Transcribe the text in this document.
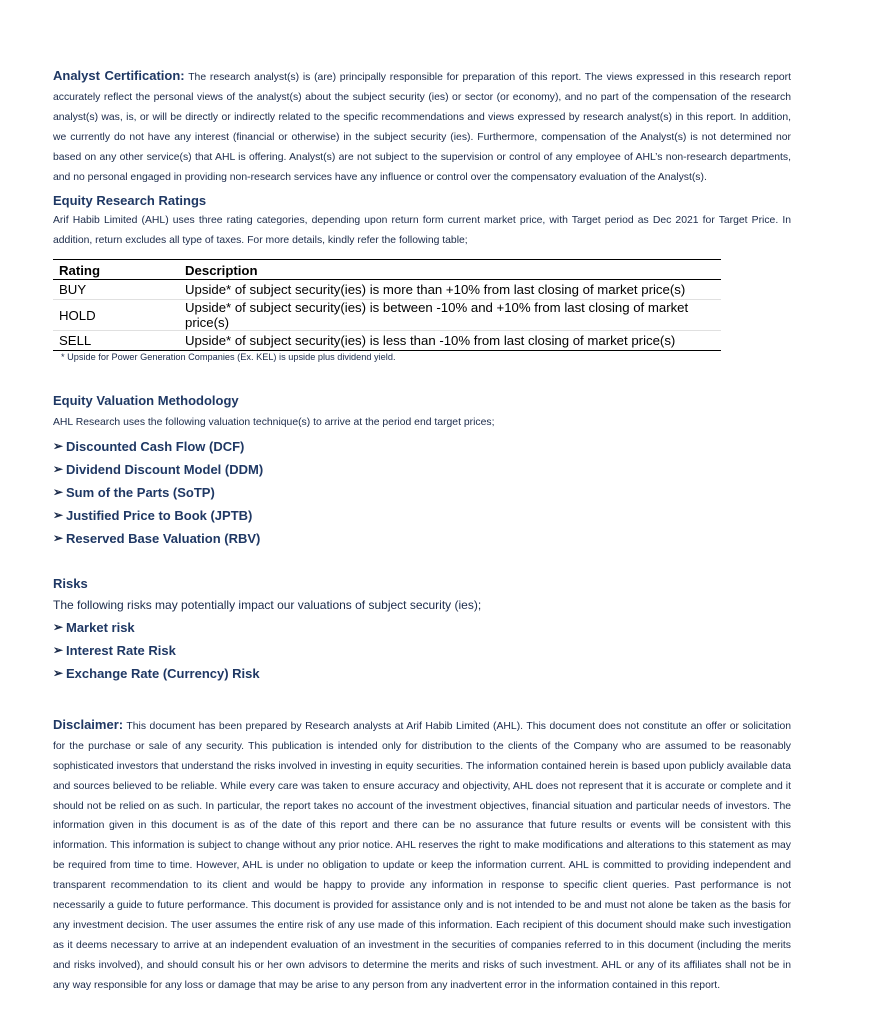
Analyst Certification: The research analyst(s) is (are) principally responsible for preparation of this report. The views expressed in this research report accurately reflect the personal views of the analyst(s) about the subject security (ies) or sector (or economy), and no part of the compensation of the research analyst(s) was, is, or will be directly or indirectly related to the specific recommendations and views expressed by research analyst(s) in this report. In addition, we currently do not have any interest (financial or otherwise) in the subject security (ies). Furthermore, compensation of the Analyst(s) is not determined nor based on any other service(s) that AHL is offering. Analyst(s) are not subject to the supervision or control of any employee of AHL’s non-research departments, and no personal engaged in providing non-research services have any influence or control over the compensatory evaluation of the Analyst(s).

Equity Research Ratings

Arif Habib Limited (AHL) uses three rating categories, depending upon return form current market price, with Target period as Dec 2021 for Target Price. In addition, return excludes all type of taxes. For more details, kindly refer the following table;

Rating	Description
BUY	Upside* of subject security(ies) is more than +10% from last closing of market price(s)
HOLD	Upside* of subject security(ies) is between -10% and +10% from last closing of market price(s)
SELL	Upside* of subject security(ies) is less than -10% from last closing of market price(s)

* Upside for Power Generation Companies (Ex. KEL) is upside plus dividend yield.

Equity Valuation Methodology

AHL Research uses the following valuation technique(s) to arrive at the period end target prices;

➢ Discounted Cash Flow (DCF)
➢ Dividend Discount Model (DDM)
➢ Sum of the Parts (SoTP)
➢ Justified Price to Book (JPTB)
➢ Reserved Base Valuation (RBV)
Risks

The following risks may potentially impact our valuations of subject security (ies);

➢ Market risk
➢ Interest Rate Risk
➢ Exchange Rate (Currency) Risk

Disclaimer: This document has been prepared by Research analysts at Arif Habib Limited (AHL). This document does not constitute an offer or solicitation for the purchase or sale of any security. This publication is intended only for distribution to the clients of the Company who are assumed to be reasonably sophisticated investors that understand the risks involved in investing in equity securities. The information contained herein is based upon publicly available data and sources believed to be reliable. While every care was taken to ensure accuracy and objectivity, AHL does not represent that it is accurate or complete and it should not be relied on as such. In particular, the report takes no account of the investment objectives, financial situation and particular needs of investors. The information given in this document is as of the date of this report and there can be no assurance that future results or events will be consistent with this information. This information is subject to change without any prior notice. AHL reserves the right to make modifications and alterations to this statement as may be required from time to time. However, AHL is under no obligation to update or keep the information current. AHL is committed to providing independent and transparent recommendation to its client and would be happy to provide any information in response to specific client queries. Past performance is not necessarily a guide to future performance. This document is provided for assistance only and is not intended to be and must not alone be taken as the basis for any investment decision. The user assumes the entire risk of any use made of this information. Each recipient of this document should make such investigation as it deems necessary to arrive at an independent evaluation of an investment in the securities of companies referred to in this document (including the merits and risks involved), and should consult his or her own advisors to determine the merits and risks of such investment. AHL or any of its affiliates shall not be in any way responsible for any loss or damage that may be arise to any person from any inadvertent error in the information contained in this report.
